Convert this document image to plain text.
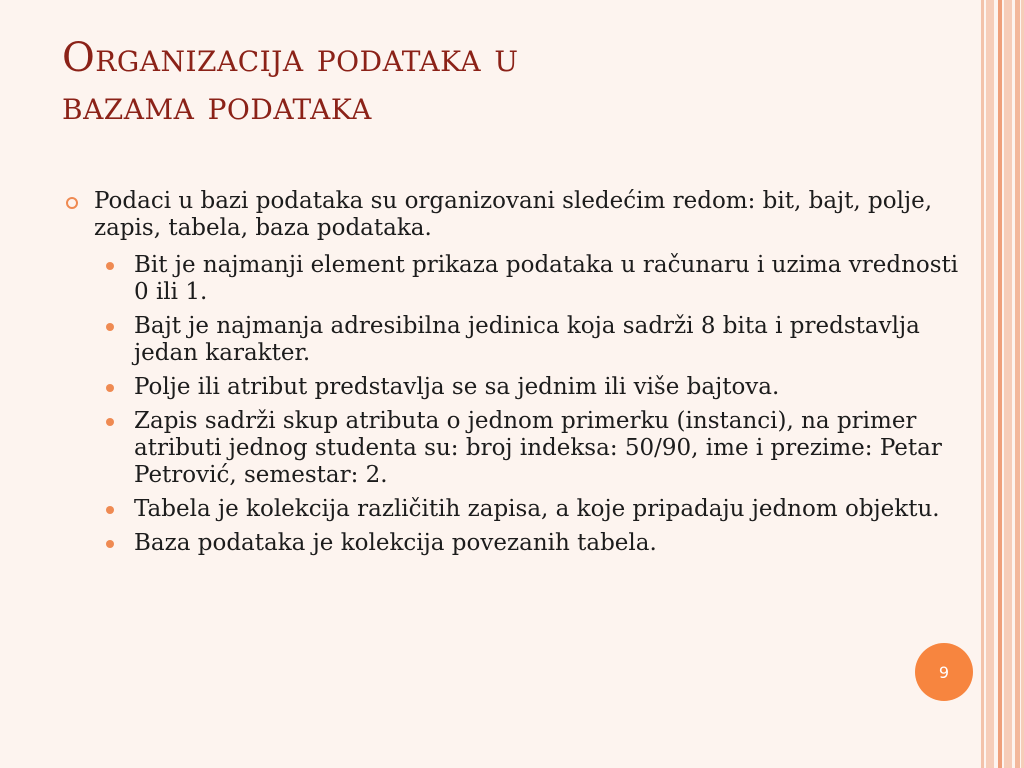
Organizacija podataka u
bazama podataka
Podaci u bazi podataka su organizovani sledećim redom: bit, bajt, polje, zapis, tabela, baza podataka.
Bit je najmanji element prikaza podataka u računaru i uzima vrednosti 0 ili 1.
Bajt je najmanja adresibilna jedinica koja sadrži 8 bita i predstavlja jedan karakter.
Polje ili atribut predstavlja se sa jednim ili više bajtova.
Zapis sadrži skup atributa o jednom primerku (instanci), na primer atributi jednog studenta su: broj indeksa: 50/90, ime i prezime: Petar Petrović, semestar: 2.
Tabela je kolekcija različitih zapisa, a koje pripadaju jednom objektu.
Baza podataka je kolekcija povezanih tabela.
9
